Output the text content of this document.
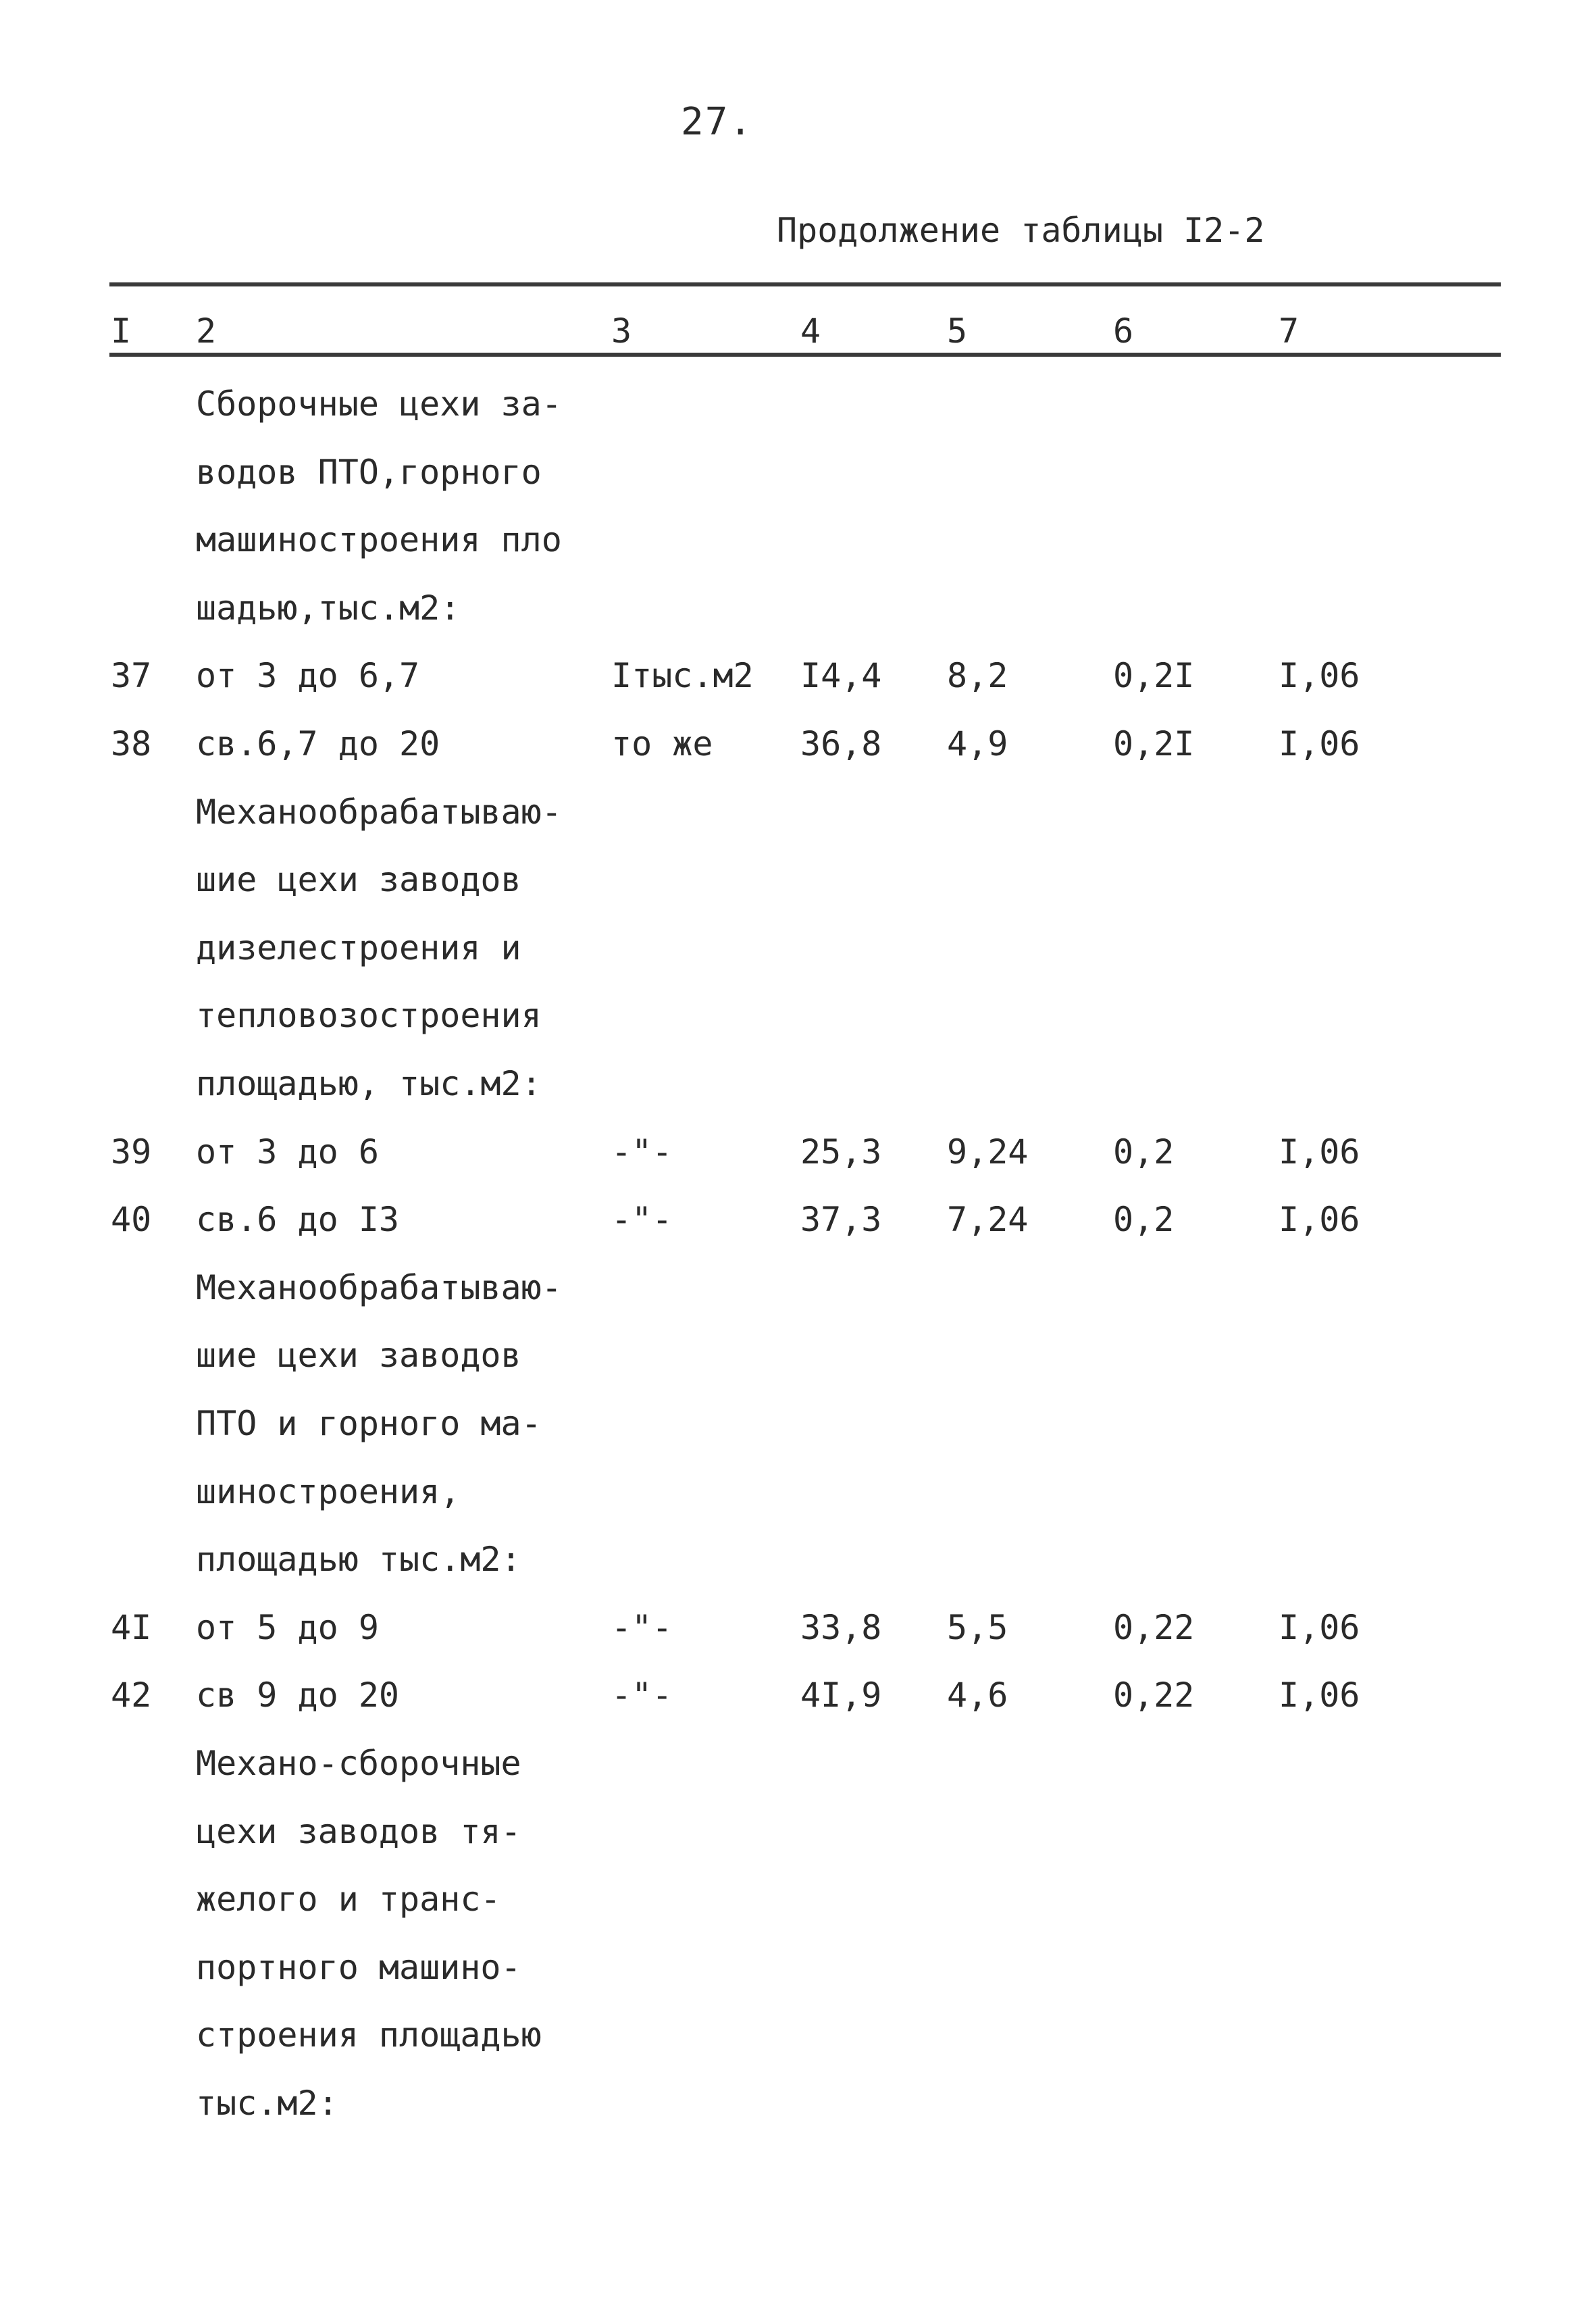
27.
Продолжение таблицы I2-2
I 2	3	4	5	6	7
Сборочные цехи за-
водов ПТО,горного
машиностроения пло
шадью,тыс.м2:
37 от 3 до 6,7	Iтыс.м2 I4,4 8,2	0,2I I,06
38 св.6,7 до 20	то же	36,8 4,9	0,2I I,06
Механообрабатываю-
шие цехи заводов
дизелестроения и
тепловозостроения
площадью, тыс.м2:
39 от 3 до 6	-"-	25,3 9,24	0,2	I,06
40 св.6 до I3	-"-	37,3 7,24	0,2	I,06
Механообрабатываю-
шие цехи заводов
ПТО и горного ма-
шиностроения,
площадью тыс.м2:
4I от 5 до 9	-"-	33,8 5,5	0,22 I,06
42 св 9 до 20	-"-	4I,9 4,6	0,22 I,06
Механо-сборочные
цехи заводов тя-
желого и транс-
портного машино-
строения площадью
тыс.м2:
